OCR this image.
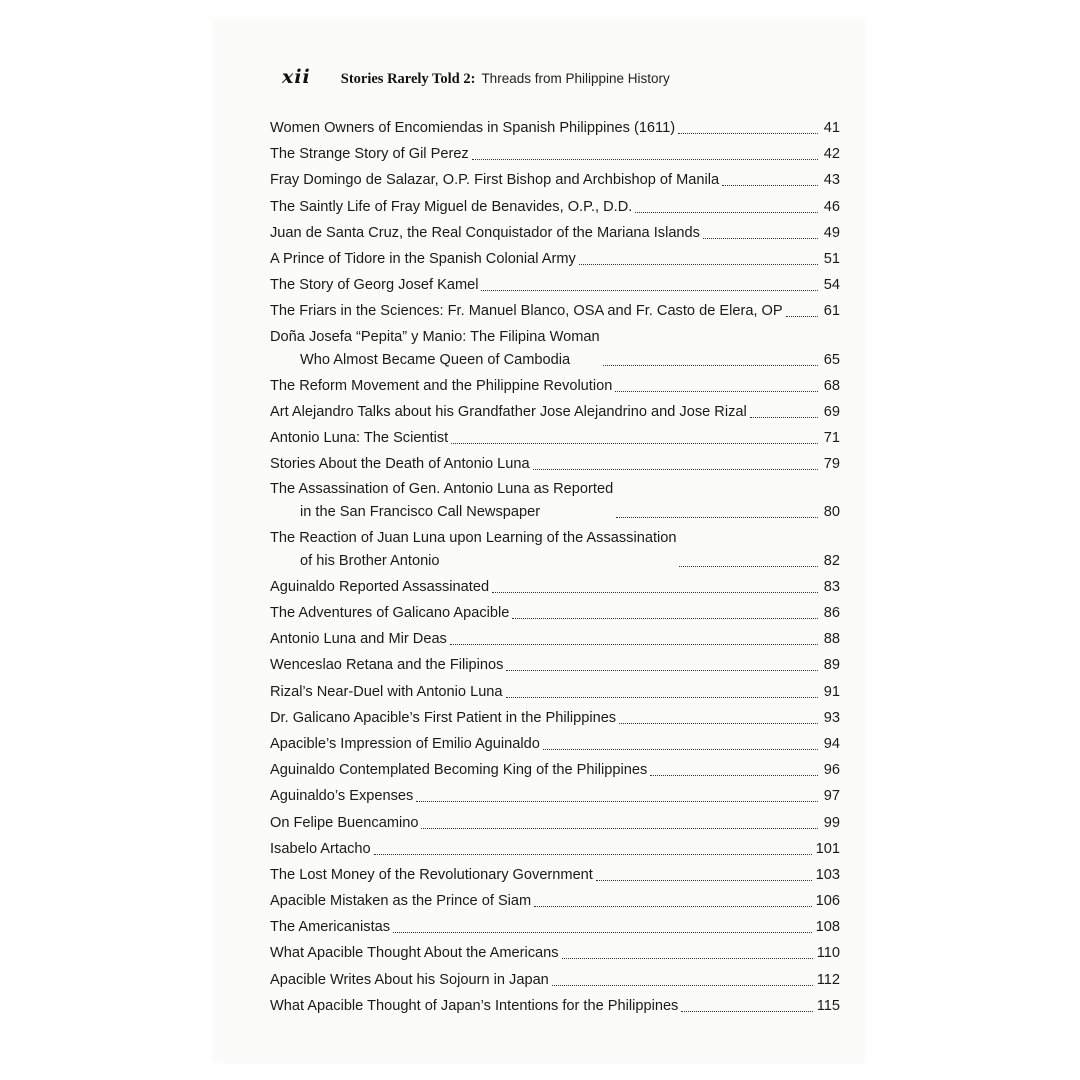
xii Stories Rarely Told 2: Threads from Philippine History
Women Owners of Encomiendas in Spanish Philippines (1611)	41
The Strange Story of Gil Perez	42
Fray Domingo de Salazar, O.P. First Bishop and Archbishop of Manila	43
The Saintly Life of Fray Miguel de Benavides, O.P., D.D.	46
Juan de Santa Cruz, the Real Conquistador of the Mariana Islands	49
A Prince of Tidore in the Spanish Colonial Army	51
The Story of Georg Josef Kamel	54
The Friars in the Sciences: Fr. Manuel Blanco, OSA and Fr. Casto de Elera, OP	61
Doña Josefa “Pepita” y Manio: The Filipina Woman
Who Almost Became Queen of Cambodia	65
The Reform Movement and the Philippine Revolution	68
Art Alejandro Talks about his Grandfather Jose Alejandrino and Jose Rizal	69
Antonio Luna: The Scientist	71
Stories About the Death of Antonio Luna	79
The Assassination of Gen. Antonio Luna as Reported
in the San Francisco Call Newspaper	80
The Reaction of Juan Luna upon Learning of the Assassination
of his Brother Antonio	82
Aguinaldo Reported Assassinated	83
The Adventures of Galicano Apacible	86
Antonio Luna and Mir Deas	88
Wenceslao Retana and the Filipinos	89
Rizal’s Near-Duel with Antonio Luna	91
Dr. Galicano Apacible’s First Patient in the Philippines	93
Apacible’s Impression of Emilio Aguinaldo	94
Aguinaldo Contemplated Becoming King of the Philippines	96
Aguinaldo’s Expenses	97
On Felipe Buencamino	99
Isabelo Artacho	101
The Lost Money of the Revolutionary Government	103
Apacible Mistaken as the Prince of Siam	106
The Americanistas	108
What Apacible Thought About the Americans	110
Apacible Writes About his Sojourn in Japan	112
What Apacible Thought of Japan’s Intentions for the Philippines	115
